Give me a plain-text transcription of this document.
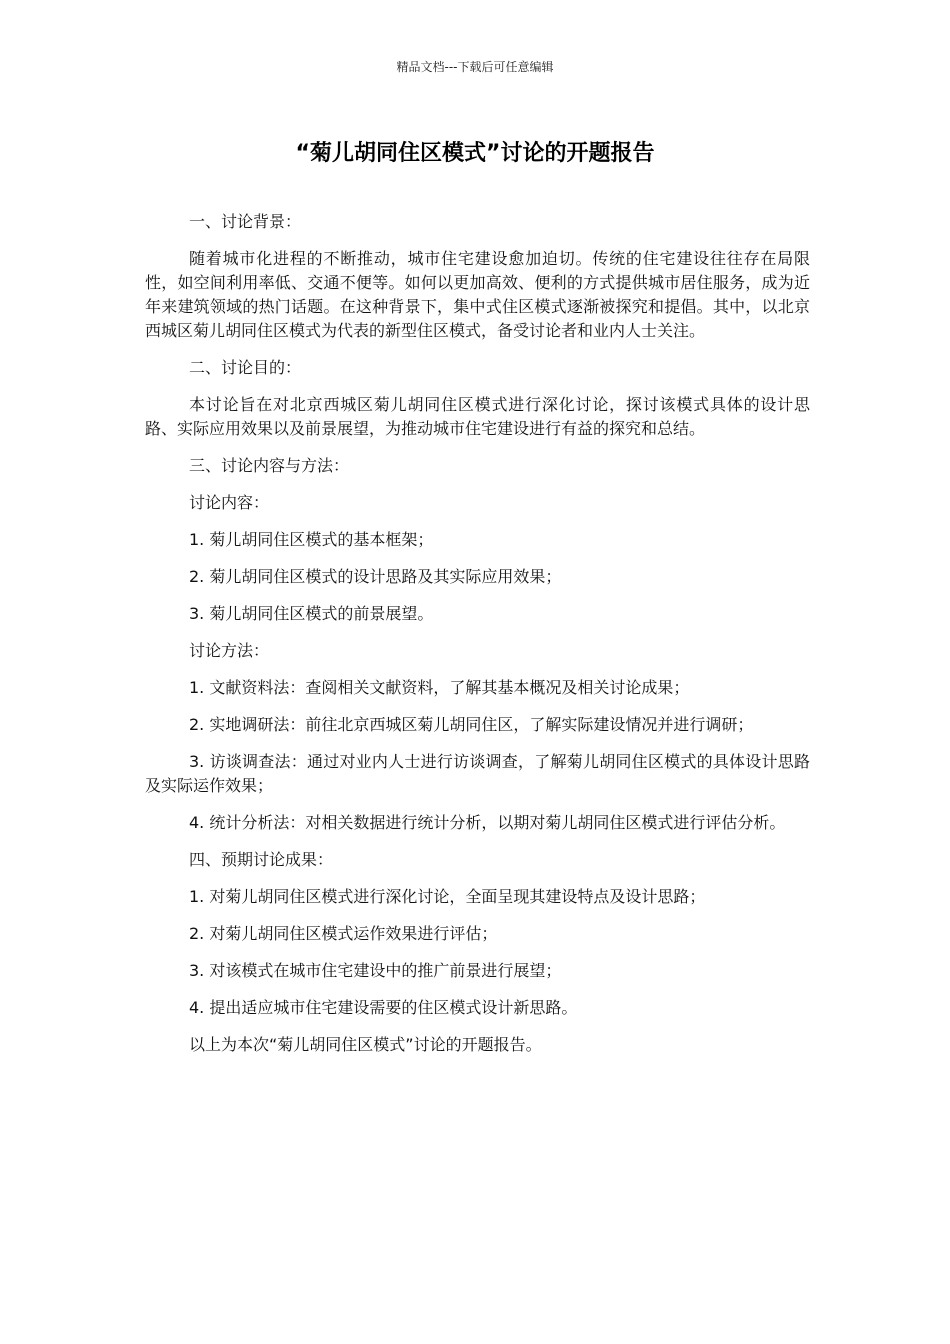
精品文档---下载后可任意编辑
“菊儿胡同住区模式”讨论的开题报告

一、讨论背景：

随着城市化进程的不断推动，城市住宅建设愈加迫切。传统的住宅建设往往存在局限性，如空间利用率低、交通不便等。如何以更加高效、便利的方式提供城市居住服务，成为近年来建筑领域的热门话题。在这种背景下，集中式住区模式逐渐被探究和提倡。其中，以北京西城区菊儿胡同住区模式为代表的新型住区模式，备受讨论者和业内人士关注。

二、讨论目的：

本讨论旨在对北京西城区菊儿胡同住区模式进行深化讨论，探讨该模式具体的设计思路、实际应用效果以及前景展望，为推动城市住宅建设进行有益的探究和总结。

三、讨论内容与方法：

讨论内容：

1. 菊儿胡同住区模式的基本框架；

2. 菊儿胡同住区模式的设计思路及其实际应用效果；

3. 菊儿胡同住区模式的前景展望。

讨论方法：

1. 文献资料法：查阅相关文献资料，了解其基本概况及相关讨论成果；

2. 实地调研法：前往北京西城区菊儿胡同住区，了解实际建设情况并进行调研；

3. 访谈调查法：通过对业内人士进行访谈调查，了解菊儿胡同住区模式的具体设计思路及实际运作效果；

4. 统计分析法：对相关数据进行统计分析，以期对菊儿胡同住区模式进行评估分析。

四、预期讨论成果：

1. 对菊儿胡同住区模式进行深化讨论，全面呈现其建设特点及设计思路；

2. 对菊儿胡同住区模式运作效果进行评估；

3. 对该模式在城市住宅建设中的推广前景进行展望；

4. 提出适应城市住宅建设需要的住区模式设计新思路。

以上为本次“菊儿胡同住区模式”讨论的开题报告。
